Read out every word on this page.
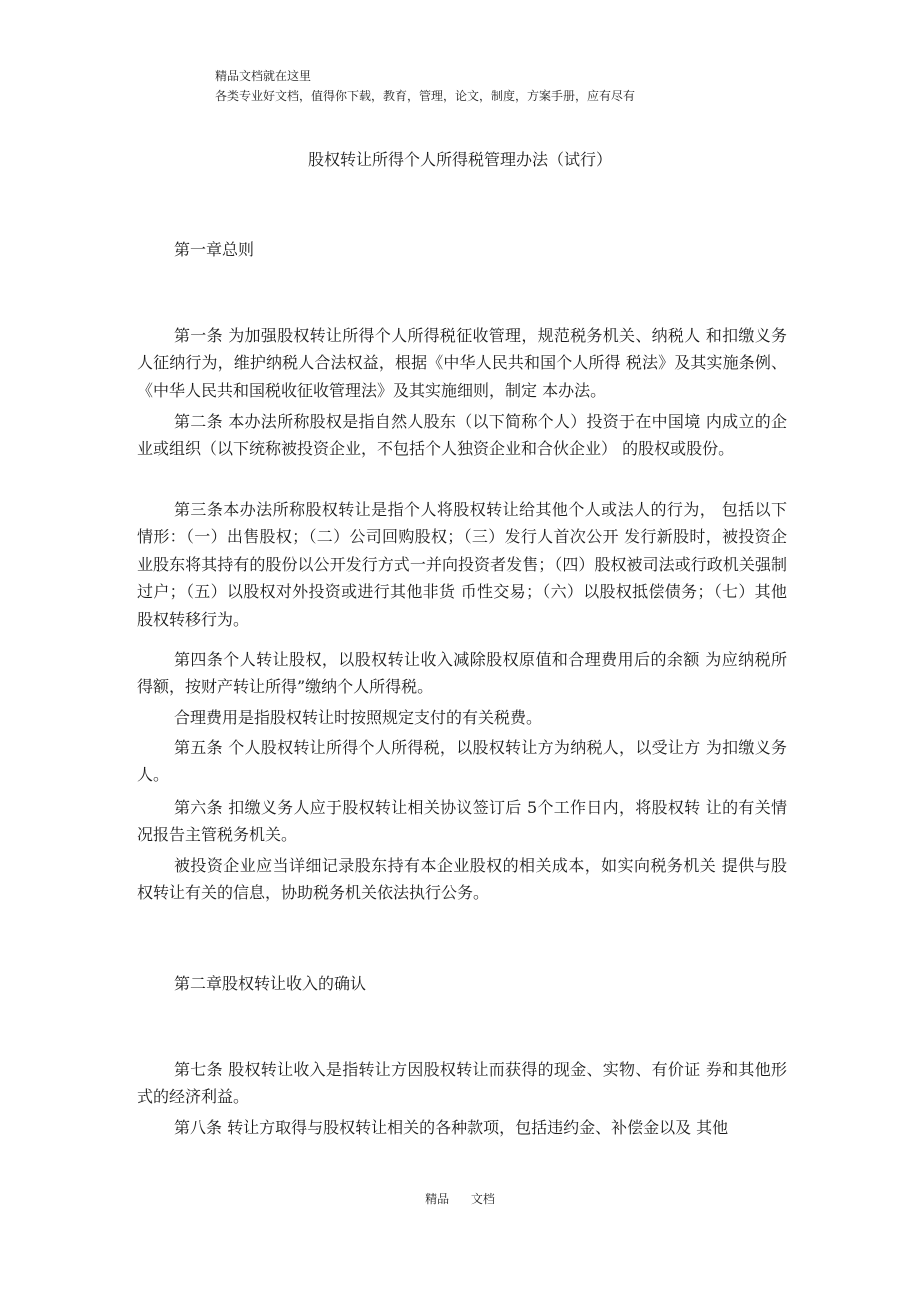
精品文档就在这里
各类专业好文档，值得你下载，教育，管理，论文，制度，方案手册，应有尽有
股权转让所得个人所得税管理办法（试行）
第一章总则

第一条 为加强股权转让所得个人所得税征收管理，规范税务机关、纳税人 和扣缴义务人征纳行为，维护纳税人合法权益，根据《中华人民共和国个人所得 税法》及其实施条例、《中华人民共和国税收征收管理法》及其实施细则，制定 本办法。

第二条 本办法所称股权是指自然人股东（以下简称个人）投资于在中国境 内成立的企业或组织（以下统称被投资企业，不包括个人独资企业和合伙企业） 的股权或股份。

第三条本办法所称股权转让是指个人将股权转让给其他个人或法人的行为， 包括以下情形：（一）出售股权；（二）公司回购股权；（三）发行人首次公开 发行新股时，被投资企业股东将其持有的股份以公开发行方式一并向投资者发售；（四）股权被司法或行政机关强制过户；（五）以股权对外投资或进行其他非货 币性交易；（六）以股权抵偿债务；（七）其他股权转移行为。

第四条个人转让股权，以股权转让收入减除股权原值和合理费用后的余额 为应纳税所得额，按财产转让所得”缴纳个人所得税。

合理费用是指股权转让时按照规定支付的有关税费。

第五条 个人股权转让所得个人所得税，以股权转让方为纳税人，以受让方 为扣缴义务人。

第六条 扣缴义务人应于股权转让相关协议签订后 5个工作日内，将股权转 让的有关情况报告主管税务机关。

被投资企业应当详细记录股东持有本企业股权的相关成本，如实向税务机关 提供与股权转让有关的信息，协助税务机关依法执行公务。

第二章股权转让收入的确认

第七条 股权转让收入是指转让方因股权转让而获得的现金、实物、有价证 券和其他形式的经济利益。

第八条 转让方取得与股权转让相关的各种款项，包括违约金、补偿金以及 其他

精品 文档
